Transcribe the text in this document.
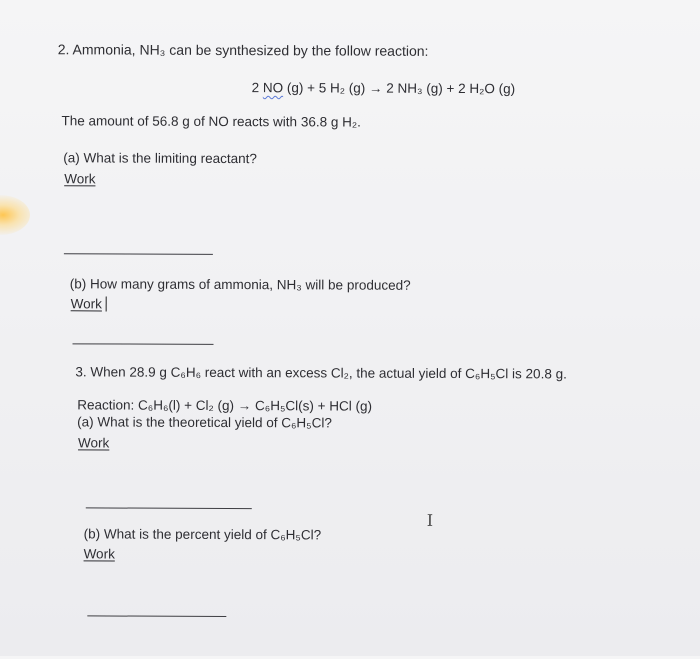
2. Ammonia, NH₃ can be synthesized by the follow reaction:
2 NO (g) + 5 H₂ (g) → 2 NH₃ (g) + 2 H₂O (g)
The amount of 56.8 g of NO reacts with 36.8 g H₂.
(a) What is the limiting reactant?
Work
(b) How many grams of ammonia, NH₃ will be produced?
Work
3. When 28.9 g C₆H₆ react with an excess Cl₂, the actual yield of C₆H₅Cl is 20.8 g.
Reaction: C₆H₆(l) + Cl₂ (g) → C₆H₅Cl(s) + HCl (g)
(a) What is the theoretical yield of C₆H₅Cl?
Work
I
(b) What is the percent yield of C₆H₅Cl?
Work
